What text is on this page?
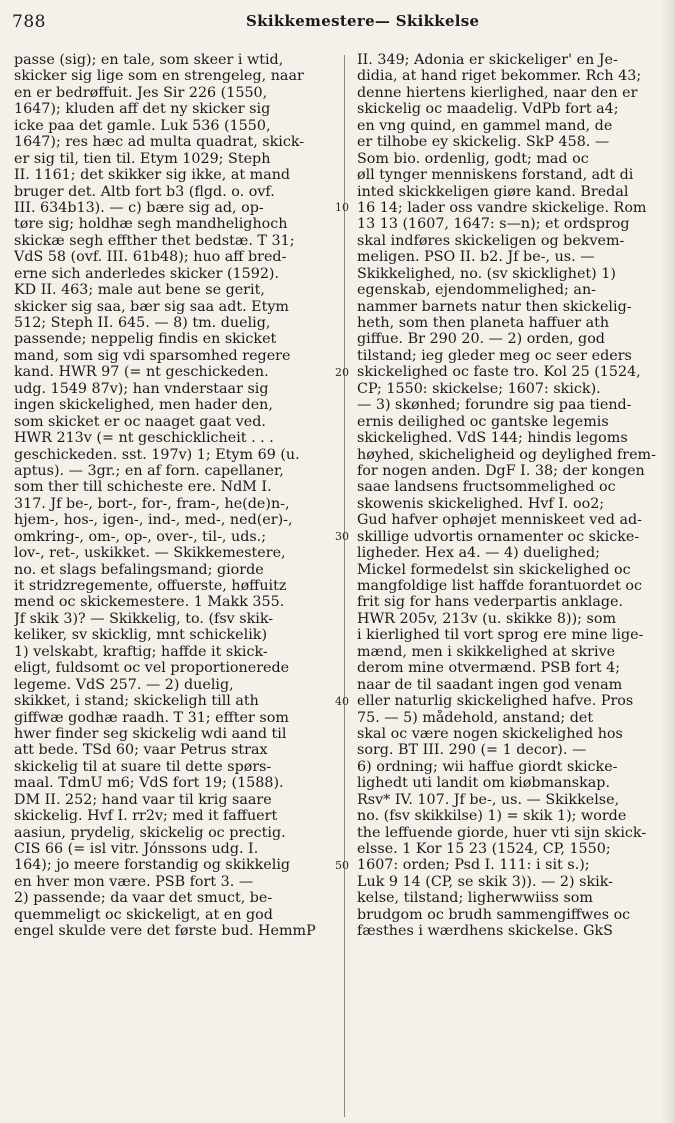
788	Skikkemestere— Skikkelse
passe (sig); en tale, som skeer i wtid,
skicker sig lige som en strengeleg, naar
en er bedrøffuit. Jes Sir 226 (1550,
1647); kluden aff det ny skicker sig
icke paa det gamle. Luk 536 (1550,
1647); res hæc ad multa quadrat, skick-
er sig til, tien til. Etym 1029; Steph
II. 1161; det skikker sig ikke, at mand
bruger det. Altb fort b3 (flgd. o. ovf.
III. 634b13). — c) bære sig ad, op-
tøre sig; holdhæ segh mandhelighoch
skickæ segh effther thet bedstæ. T 31;
VdS 58 (ovf. III. 61b48); huo aff bred-
erne sich anderledes skicker (1592).
KD II. 463; male aut bene se gerit,
skicker sig saa, bær sig saa adt. Etym
512; Steph II. 645. — 8) tm. duelig,
passende; neppelig findis en skicket
mand, som sig vdi sparsomhed regere
kand. HWR 97 (= nt geschickeden.
udg. 1549 87v); han vnderstaar sig
ingen skickelighed, men hader den,
som skicket er oc naaget gaat ved.
HWR 213v (= nt geschicklicheit . . .
geschickeden. sst. 197v) 1; Etym 69 (u.
aptus). — 3gr.; en af forn. capellaner,
som ther till schicheste ere. NdM I.
317. Jf be-, bort-, for-, fram-, he(de)n-,
hjem-, hos-, igen-, ind-, med-, ned(er)-,
omkring-, om-, op-, over-, til-, uds.;
lov-, ret-, uskikket. — Skikkemestere,
no. et slags befalingsmand; giorde
it stridzregemente, offuerste, høffuitz
mend oc skickemestere. 1 Makk 355.
Jf skik 3)? — Skikkelig, to. (fsv skik-
keliker, sv skicklig, mnt schickelik)
1) velskabt, kraftig; haffde it skick-
eligt, fuldsomt oc vel proportionerede
legeme. VdS 257. — 2) duelig,
skikket, i stand; skickeligh till ath
giffwæ godhæ raadh. T 31; effter som
hwer finder seg skickelig wdi aand til
att bede. TSd 60; vaar Petrus strax
skickelig til at suare til dette spørs-
maal. TdmU m6; VdS fort 19; (1588).
DM II. 252; hand vaar til krig saare
skickelig. Hvf I. rr2v; med it faffuert
aasiun, prydelig, skickelig oc prectig.
CIS 66 (= isl vitr. Jónssons udg. I.
164); jo meere forstandig og skikkelig
en hver mon være. PSB fort 3. —
2) passende; da vaar det smuct, be-
quemmeligt oc skickeligt, at en god
engel skulde vere det første bud. HemmP
10
20
30
40
50
II. 349; Adonia er skickeliger' en Je-
didia, at hand riget bekommer. Rch 43;
denne hiertens kierlighed, naar den er
skickelig oc maadelig. VdPb fort a4;
en vng quind, en gammel mand, de
er tilhobe ey skickelig. SkP 458. —
Som bio. ordenlig, godt; mad oc
øll tynger menniskens forstand, adt di
inted skickkeligen giøre kand. Bredal
16 14; lader oss vandre skickelige. Rom
13 13 (1607, 1647: s—n); et ordsprog
skal indføres skickeligen og bekvem-
meligen. PSO II. b2. Jf be-, us. —
Skikkelighed, no. (sv skicklighet) 1)
egenskab, ejendommelighed; an-
nammer barnets natur then skickelig-
heth, som then planeta haffuer ath
giffue. Br 290 20. — 2) orden, god
tilstand; ieg gleder meg oc seer eders
skickelighed oc faste tro. Kol 25 (1524,
CP; 1550: skickelse; 1607: skick).
— 3) skønhed; forundre sig paa tiend-
ernis deilighed oc gantske legemis
skickelighed. VdS 144; hindis legoms
høyhed, skicheligheid og deylighed frem-
for nogen anden. DgF I. 38; der kongen
saae landsens fructsommelighed oc
skowenis skickelighed. Hvf I. oo2;
Gud hafver ophøjet menniskeet ved ad-
skillige udvortis ornamenter oc skicke-
ligheder. Hex a4. — 4) duelighed;
Mickel formedelst sin skickelighed oc
mangfoldige list haffde forantuordet oc
frit sig for hans vederpartis anklage.
HWR 205v, 213v (u. skikke 8)); som
i kierlighed til vort sprog ere mine lige-
mænd, men i skikkelighed at skrive
derom mine otvermænd. PSB fort 4;
naar de til saadant ingen god venam
eller naturlig skickelighed hafve. Pros
75. — 5) mådehold, anstand; det
skal oc være nogen skickelighed hos
sorg. BT III. 290 (= 1 decor). —
6) ordning; wii haffue giordt skicke-
lighedt uti landit om kiøbmanskap.
Rsv* IV. 107. Jf be-, us. — Skikkelse,
no. (fsv skikkilse) 1) = skik 1); worde
the leffuende giorde, huer vti sijn skick-
elsse. 1 Kor 15 23 (1524, CP, 1550;
1607: orden; Psd I. 111: i sit s.);
Luk 9 14 (CP, se skik 3)). — 2) skik-
kelse, tilstand; ligherwwiiss som
brudgom oc brudh sammengiffwes oc
fæsthes i wærdhens skickelse. GkS
